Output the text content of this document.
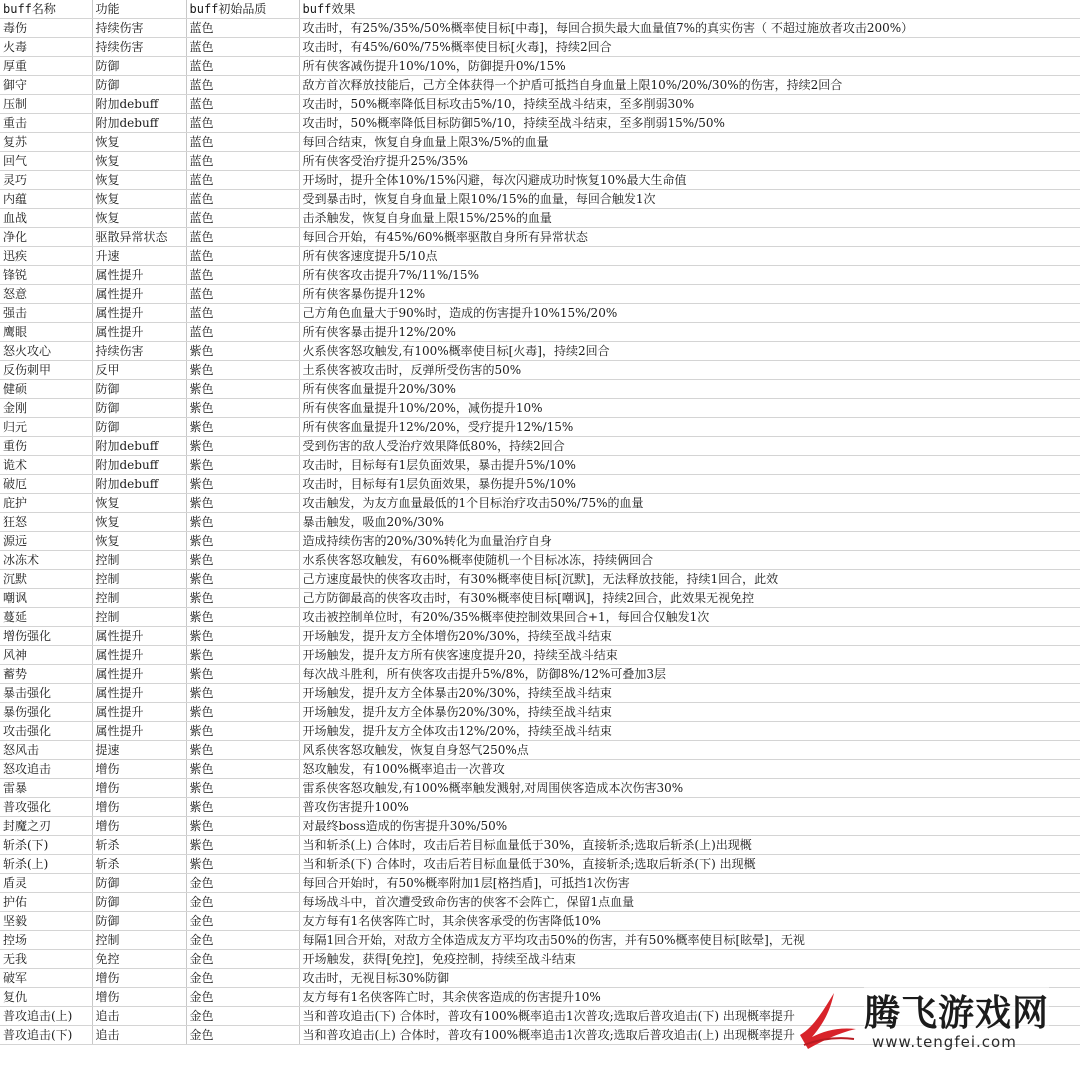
buff名称	功能	buff初始品质	buff效果
毒伤	持续伤害	蓝色	攻击时，有25%/35%/50%概率使目标[中毒]，每回合损失最大血量值7%的真实伤害（ 不超过施放者攻击200%）
火毒	持续伤害	蓝色	攻击时，有45%/60%/75%概率使目标[火毒]，持续2回合
厚重	防御	蓝色	所有侠客减伤提升10%/10%，防御提升0%/15%
御守	防御	蓝色	敌方首次释放技能后，己方全体获得一个护盾可抵挡自身血量上限10%/20%/30%的伤害，持续2回合
压制	附加debuff	蓝色	攻击时，50%概率降低目标攻击5%/10，持续至战斗结束，至多削弱30%
重击	附加debuff	蓝色	攻击时，50%概率降低目标防御5%/10，持续至战斗结束，至多削弱15%/50%
复苏	恢复	蓝色	每回合结束，恢复自身血量上限3%/5%的血量
回气	恢复	蓝色	所有侠客受治疗提升25%/35%
灵巧	恢复	蓝色	开场时，提升全体10%/15%闪避，每次闪避成功时恢复10%最大生命值
内蕴	恢复	蓝色	受到暴击时，恢复自身血量上限10%/15%的血量，每回合触发1次
血战	恢复	蓝色	击杀触发，恢复自身血量上限15%/25%的血量
净化	驱散异常状态	蓝色	每回合开始，有45%/60%概率驱散自身所有异常状态
迅疾	升速	蓝色	所有侠客速度提升5/10点
锋锐	属性提升	蓝色	所有侠客攻击提升7%/11%/15%
怒意	属性提升	蓝色	所有侠客暴伤提升12%
强击	属性提升	蓝色	己方角色血量大于90%时，造成的伤害提升10%15%/20%
鹰眼	属性提升	蓝色	所有侠客暴击提升12%/20%
怒火攻心	持续伤害	紫色	火系侠客怒攻触发,有100%概率使目标[火毒]，持续2回合
反伤刺甲	反甲	紫色	土系侠客被攻击时，反弹所受伤害的50%
健硕	防御	紫色	所有侠客血量提升20%/30%
金刚	防御	紫色	所有侠客血量提升10%/20%，减伤提升10%
归元	防御	紫色	所有侠客血量提升12%/20%，受疗提升12%/15%
重伤	附加debuff	紫色	受到伤害的敌人受治疗效果降低80%，持续2回合
诡术	附加debuff	紫色	攻击时，目标每有1层负面效果，暴击提升5%/10%
破厄	附加debuff	紫色	攻击时，目标每有1层负面效果，暴伤提升5%/10%
庇护	恢复	紫色	攻击触发，为友方血量最低的1个目标治疗攻击50%/75%的血量
狂怒	恢复	紫色	暴击触发，吸血20%/30%
源远	恢复	紫色	造成持续伤害的20%/30%转化为血量治疗自身
冰冻术	控制	紫色	水系侠客怒攻触发，有60%概率使随机一个目标冰冻，持续俩回合
沉默	控制	紫色	己方速度最快的侠客攻击时，有30%概率使目标[沉默]，无法释放技能，持续1回合，此效
嘲讽	控制	紫色	己方防御最高的侠客攻击时，有30%概率使目标[嘲讽]，持续2回合，此效果无视免控
蔓延	控制	紫色	攻击被控制单位时，有20%/35%概率使控制效果回合+1，每回合仅触发1次
增伤强化	属性提升	紫色	开场触发，提升友方全体增伤20%/30%，持续至战斗结束
风神	属性提升	紫色	开场触发，提升友方所有侠客速度提升20，持续至战斗结束
蓄势	属性提升	紫色	每次战斗胜利，所有侠客攻击提升5%/8%，防御8%/12%可叠加3层
暴击强化	属性提升	紫色	开场触发，提升友方全体暴击20%/30%，持续至战斗结束
暴伤强化	属性提升	紫色	开场触发，提升友方全体暴伤20%/30%，持续至战斗结束
攻击强化	属性提升	紫色	开场触发，提升友方全体攻击12%/20%，持续至战斗结束
怒风击	提速	紫色	风系侠客怒攻触发，恢复自身怒气250%点
怒攻追击	增伤	紫色	怒攻触发，有100%概率追击一次普攻
雷暴	增伤	紫色	雷系侠客怒攻触发,有100%概率触发溅射,对周围侠客造成本次伤害30%
普攻强化	增伤	紫色	普攻伤害提升100%
封魔之刃	增伤	紫色	对最终boss造成的伤害提升30%/50%
斩杀(下)	斩杀	紫色	当和斩杀(上) 合体时，攻击后若目标血量低于30%，直接斩杀;选取后斩杀(上)出现概
斩杀(上)	斩杀	紫色	当和斩杀(下) 合体时，攻击后若目标血量低于30%，直接斩杀;选取后斩杀(下) 出现概
盾灵	防御	金色	每回合开始时，有50%概率附加1层[格挡盾]，可抵挡1次伤害
护佑	防御	金色	每场战斗中，首次遭受致命伤害的侠客不会阵亡，保留1点血量
坚毅	防御	金色	友方每有1名侠客阵亡时，其余侠客承受的伤害降低10%
控场	控制	金色	每隔1回合开始，对敌方全体造成友方平均攻击50%的伤害，并有50%概率使目标[眩晕]，无视
无我	免控	金色	开场触发，获得[免控]，免疫控制，持续至战斗结束
破军	增伤	金色	攻击时，无视目标30%防御
复仇	增伤	金色	友方每有1名侠客阵亡时，其余侠客造成的伤害提升10%
普攻追击(上)	追击	金色	当和普攻追击(下) 合体时，普攻有100%概率追击1次普攻;选取后普攻追击(下) 出现概率提升
普攻追击(下)	追击	金色	当和普攻追击(上) 合体时，普攻有100%概率追击1次普攻;选取后普攻追击(上) 出现概率提升
腾飞游戏网
www.tengfei.com
